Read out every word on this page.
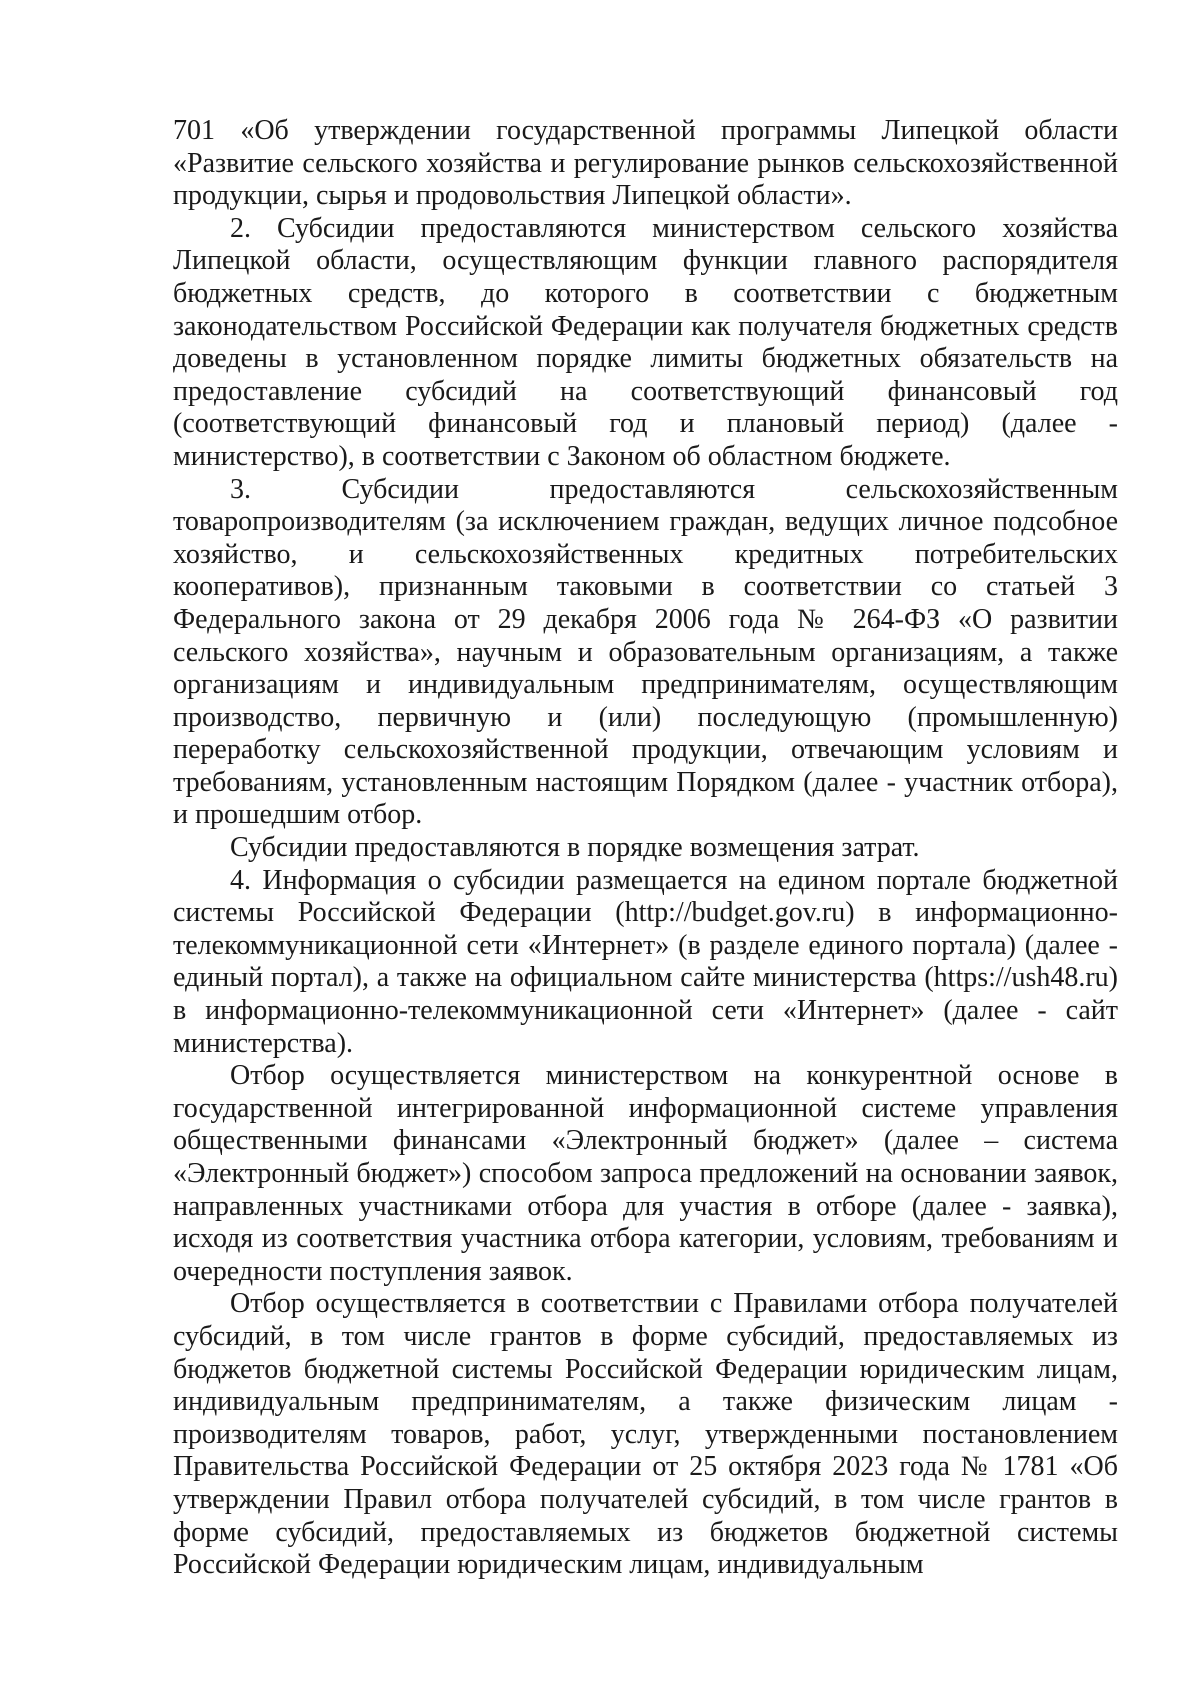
701 «Об утверждении государственной программы Липецкой области «Развитие сельского хозяйства и регулирование рынков сельскохозяйственной продукции, сырья и продовольствия Липецкой области».

2. Субсидии предоставляются министерством сельского хозяйства Липецкой области, осуществляющим функции главного распорядителя бюджетных средств, до которого в соответствии с бюджетным законодательством Российской Федерации как получателя бюджетных средств доведены в установленном порядке лимиты бюджетных обязательств на предоставление субсидий на соответствующий финансовый год (соответствующий финансовый год и плановый период) (далее - министерство), в соответствии с Законом об областном бюджете.

3. Субсидии предоставляются сельскохозяйственным товаропроизводителям (за исключением граждан, ведущих личное подсобное хозяйство, и сельскохозяйственных кредитных потребительских кооперативов), признанным таковыми в соответствии со статьей 3 Федерального закона от 29 декабря 2006 года № 264-ФЗ «О развитии сельского хозяйства», научным и образовательным организациям, а также организациям и индивидуальным предпринимателям, осуществляющим производство, первичную и (или) последующую (промышленную) переработку сельскохозяйственной продукции, отвечающим условиям и требованиям, установленным настоящим Порядком (далее - участник отбора), и прошедшим отбор.

Субсидии предоставляются в порядке возмещения затрат.

4. Информация о субсидии размещается на едином портале бюджетной системы Российской Федерации (http://budget.gov.ru) в информационно-телекоммуникационной сети «Интернет» (в разделе единого портала) (далее - единый портал), а также на официальном сайте министерства (https://ush48.ru) в информационно-телекоммуникационной сети «Интернет» (далее - сайт министерства).

Отбор осуществляется министерством на конкурентной основе в государственной интегрированной информационной системе управления общественными финансами «Электронный бюджет» (далее – система «Электронный бюджет») способом запроса предложений на основании заявок, направленных участниками отбора для участия в отборе (далее - заявка), исходя из соответствия участника отбора категории, условиям, требованиям и очередности поступления заявок.

Отбор осуществляется в соответствии с Правилами отбора получателей субсидий, в том числе грантов в форме субсидий, предоставляемых из бюджетов бюджетной системы Российской Федерации юридическим лицам, индивидуальным предпринимателям, а также физическим лицам - производителям товаров, работ, услуг, утвержденными постановлением Правительства Российской Федерации от 25 октября 2023 года № 1781 «Об утверждении Правил отбора получателей субсидий, в том числе грантов в форме субсидий, предоставляемых из бюджетов бюджетной системы Российской Федерации юридическим лицам, индивидуальным
